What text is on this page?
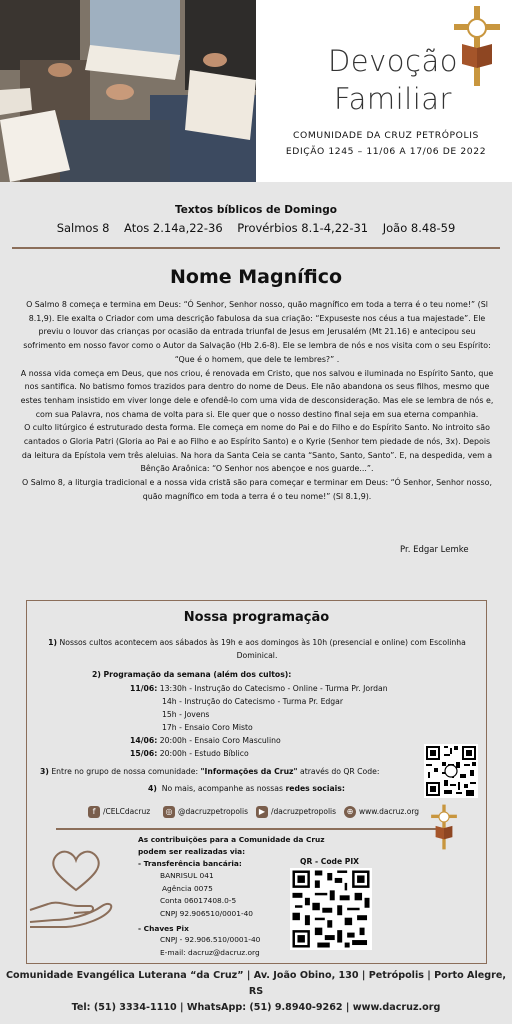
Devoção
Familiar
COMUNIDADE DA CRUZ PETRÓPOLIS
EDIÇÃO 1245 – 11/06 A 17/06 DE 2022
Textos bíblicos de Domingo
Salmos 8    Atos 2.14a,22-36    Provérbios 8.1-4,22-31    João 8.48-59
Nome Magnífico

O Salmo 8 começa e termina em Deus: “Ó Senhor, Senhor nosso, quão magnífico em toda a terra é o teu nome!” (Sl 8.1,9). Ele exalta o Criador com uma descrição fabulosa da sua criação: “Expuseste nos céus a tua majestade”. Ele previu o louvor das crianças por ocasião da entrada triunfal de Jesus em Jerusalém (Mt 21.16) e antecipou seu sofrimento em nosso favor como o Autor da Salvação (Hb 2.6-8). Ele se lembra de nós e nos visita com o seu Espírito: “Que é o homem, que dele te lembres?” .

A nossa vida começa em Deus, que nos criou, é renovada em Cristo, que nos salvou e iluminada no Espírito Santo, que nos santifica. No batismo fomos trazidos para dentro do nome de Deus. Ele não abandona os seus filhos, mesmo que estes tenham insistido em viver longe dele e ofendê-lo com uma vida de desconsideração. Mas ele se lembra de nós e, com sua Palavra, nos chama de volta para si. Ele quer que o nosso destino final seja em sua eterna companhia.

O culto litúrgico é estruturado desta forma. Ele começa em nome do Pai e do Filho e do Espírito Santo. No introito são cantados o Gloria Patri (Gloria ao Pai e ao Filho e ao Espírito Santo) e o Kyrie (Senhor tem piedade de nós, 3x). Depois da leitura da Epístola vem três aleluias. Na hora da Santa Ceia se canta “Santo, Santo, Santo”. E, na despedida, vem a Bênção Araônica: “O Senhor nos abençoe e nos guarde...”.

O Salmo 8, a liturgia tradicional e a nossa vida cristã são para começar e terminar em Deus: “Ó Senhor, Senhor nosso, quão magnífico em toda a terra é o teu nome!” (Sl 8.1,9).

Pr. Edgar Lemke
Nossa programação
1) Nossos cultos acontecem aos sábados às 19h e aos domingos às 10h (presencial e online) com Escolinha Dominical.
2) Programação da semana (além dos cultos):
11/06: 13:30h - Instrução do Catecismo - Online - Turma Pr. Jordan
14h - Instrução do Catecismo - Turma Pr. Edgar
15h - Jovens
17h - Ensaio Coro Misto
14/06: 20:00h - Ensaio Coro Masculino
15/06: 20:00h - Estudo Bíblico
3) Entre no grupo de nossa comunidade: "Informações da Cruz" através do QR Code:
4) No mais, acompanhe as nossas redes sociais:
f	/CELCdacruz	◎ @dacruzpetropolis	▶ /dacruzpetropolis	⊕ www.dacruz.org
As contribuições para a Comunidade da Cruz
podem ser realizadas via:
- Transferência bancária:
BANRISUL 041
Agência 0075
Conta 06017408.0-5
CNPJ 92.906510/0001-40
- Chaves Pix
CNPJ - 92.906.510/0001-40
E-mail: dacruz@dacruz.org
QR - Code PIX
Comunidade Evangélica Luterana “da Cruz” | Av. João Obino, 130 | Petrópolis | Porto Alegre, RS
Tel: (51) 3334-1110 | WhatsApp: (51) 9.8940-9262 | www.dacruz.org
